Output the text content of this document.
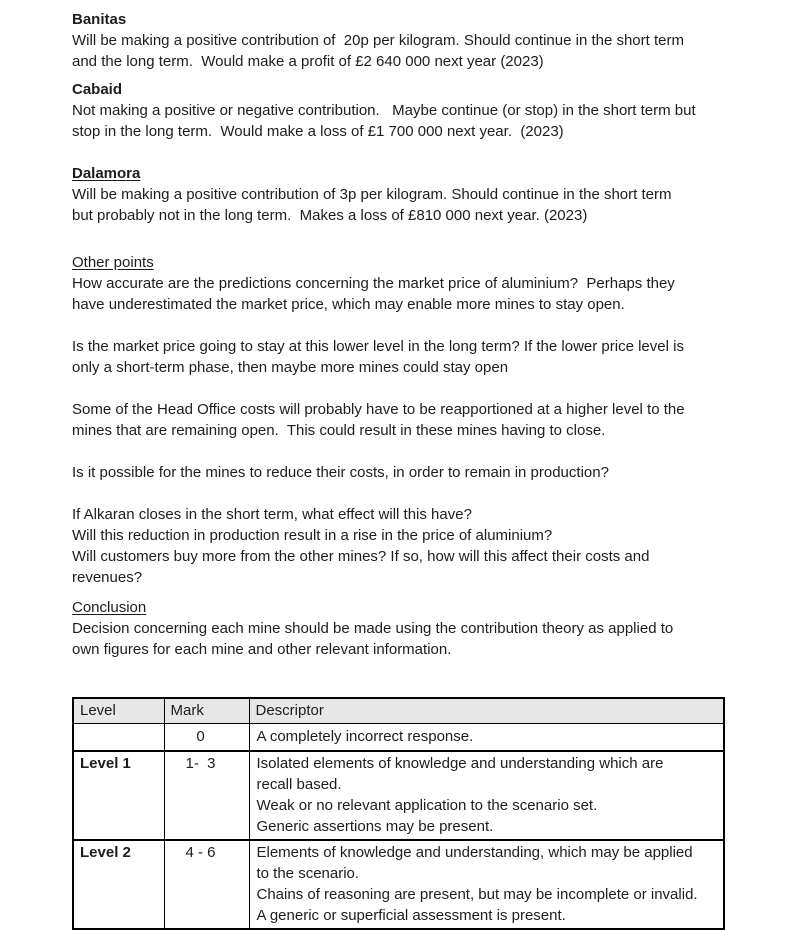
Banitas
Will be making a positive contribution of  20p per kilogram. Should continue in the short term
and the long term.  Would make a profit of £2 640 000 next year (2023)
Cabaid
Not making a positive or negative contribution.   Maybe continue (or stop) in the short term but
stop in the long term.  Would make a loss of £1 700 000 next year.  (2023)
Dalamora
Will be making a positive contribution of 3p per kilogram. Should continue in the short term
but probably not in the long term.  Makes a loss of £810 000 next year. (2023)
Other points
How accurate are the predictions concerning the market price of aluminium?  Perhaps they
have underestimated the market price, which may enable more mines to stay open.
Is the market price going to stay at this lower level in the long term? If the lower price level is
only a short-term phase, then maybe more mines could stay open
Some of the Head Office costs will probably have to be reapportioned at a higher level to the
mines that are remaining open.  This could result in these mines having to close.
Is it possible for the mines to reduce their costs, in order to remain in production?
If Alkaran closes in the short term, what effect will this have?
Will this reduction in production result in a rise in the price of aluminium?
Will customers buy more from the other mines? If so, how will this affect their costs and
revenues?
Conclusion
Decision concerning each mine should be made using the contribution theory as applied to
own figures for each mine and other relevant information.
Level	Mark	Descriptor
	0	A completely incorrect response.

Level 1	1-  3	Isolated elements of knowledge and understanding which are
recall based.
Weak or no relevant application to the scenario set.
Generic assertions may be present.

Level 2	4 - 6	Elements of knowledge and understanding, which may be applied
to the scenario.
Chains of reasoning are present, but may be incomplete or invalid.
A generic or superficial assessment is present.
